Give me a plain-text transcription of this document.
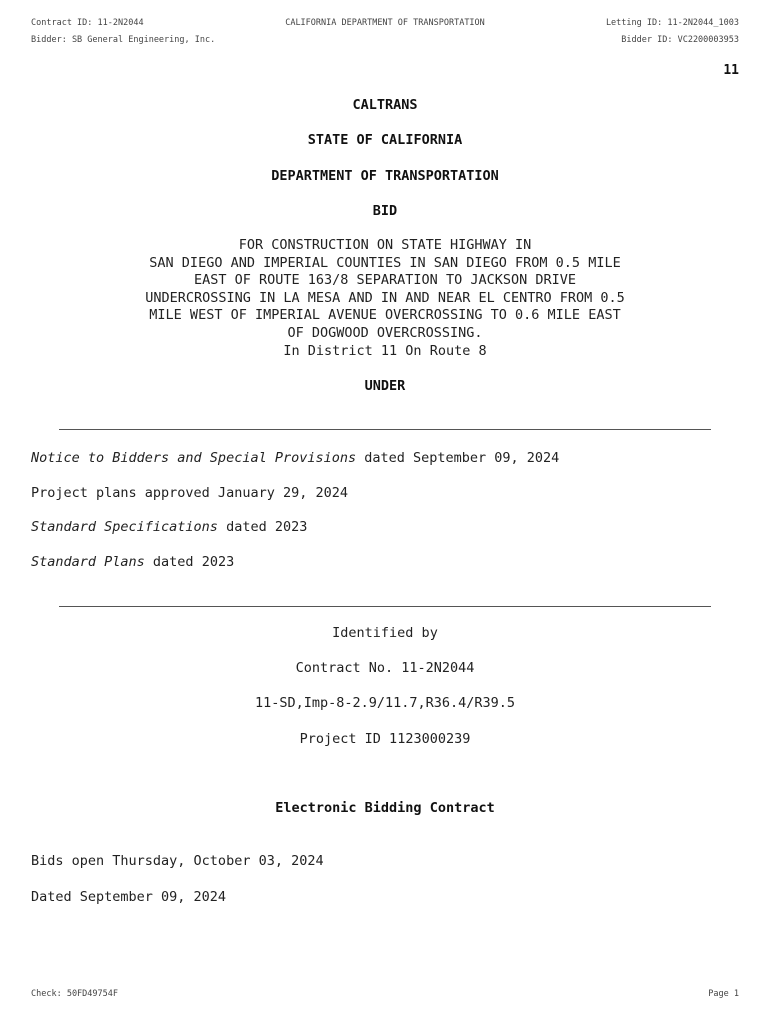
Contract ID: 11-2N2044
Bidder: SB General Engineering, Inc.
CALIFORNIA DEPARTMENT OF TRANSPORTATION	Letting ID: 11-2N2044_1003
Bidder ID: VC2200003953
11
CALTRANS
STATE OF CALIFORNIA
DEPARTMENT OF TRANSPORTATION
BID
FOR CONSTRUCTION ON STATE HIGHWAY IN
SAN DIEGO AND IMPERIAL COUNTIES IN SAN DIEGO FROM 0.5 MILE
EAST OF ROUTE 163/8 SEPARATION TO JACKSON DRIVE
UNDERCROSSING IN LA MESA AND IN AND NEAR EL CENTRO FROM 0.5
MILE WEST OF IMPERIAL AVENUE OVERCROSSING TO 0.6 MILE EAST
OF DOGWOOD OVERCROSSING.
In District 11 On Route 8
UNDER
Notice to Bidders and Special Provisions dated September 09, 2024
Project plans approved January 29, 2024
Standard Specifications dated 2023
Standard Plans dated 2023
Identified by
Contract No. 11-2N2044
11-SD,Imp-8-2.9/11.7,R36.4/R39.5
Project ID 1123000239
Electronic Bidding Contract
Bids open Thursday, October 03, 2024
Dated September 09, 2024
Check: 50FD49754F	Page 1
